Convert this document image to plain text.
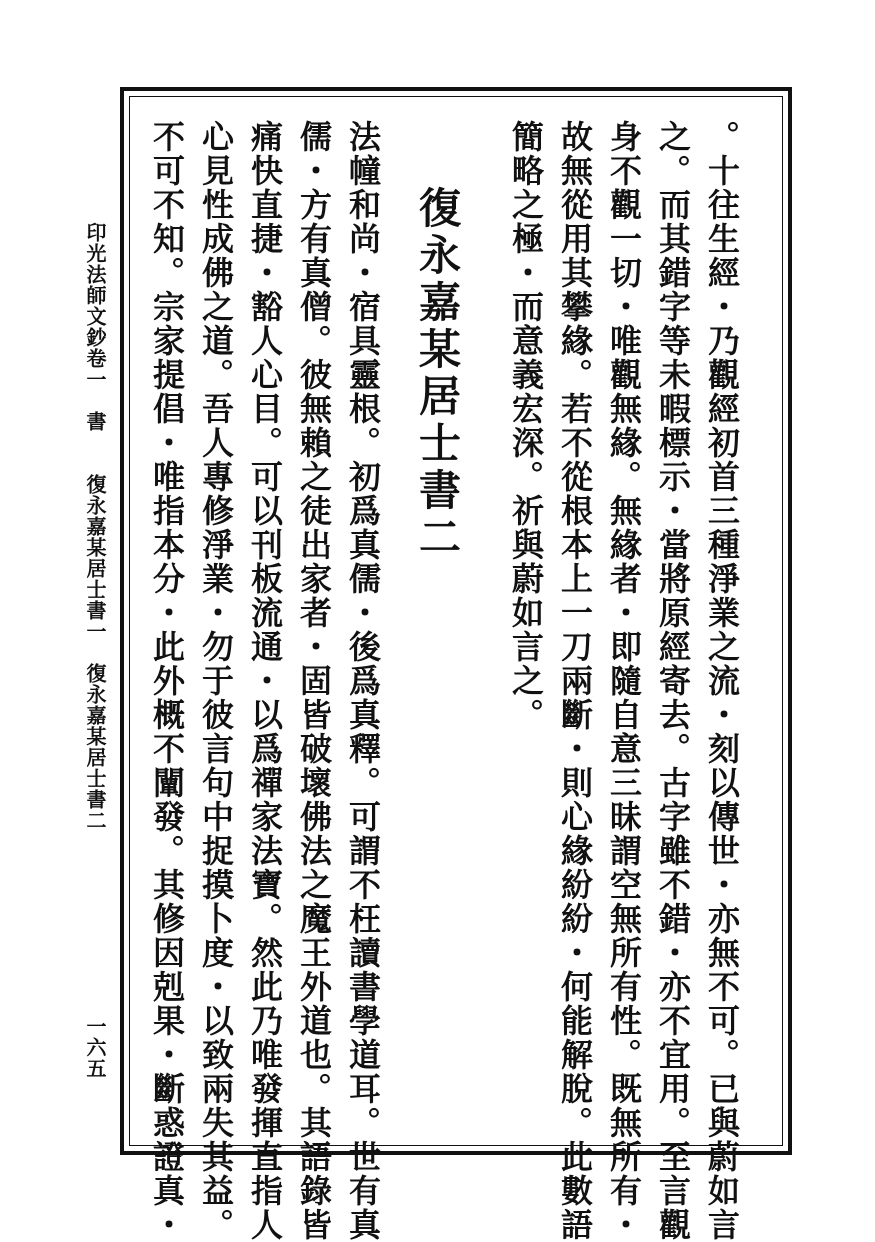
。十往生經・乃觀經初首三種淨業之流・刻以傳世・亦無不可。已與蔚如言
之。而其錯字等未暇標示・當將原經寄去。古字雖不錯・亦不宜用。至言觀
身不觀一切・唯觀無緣。無緣者・即隨自意三昧謂空無所有性。既無所有・
故無從用其攀緣。若不從根本上一刀兩斷・則心緣紛紛・何能解脫。此數語
簡略之極・而意義宏深。祈與蔚如言之。
復永嘉某居士書二
法幢和尚・宿具靈根。初爲真儒・後爲真釋。可謂不枉讀書學道耳。世有真
儒・方有真僧。彼無賴之徒出家者・固皆破壞佛法之魔王外道也。其語錄皆
痛快直捷・豁人心目。可以刊板流通・以爲禪家法寶。然此乃唯發揮直指人
心見性成佛之道。吾人專修淨業・勿于彼言句中捉摸卜度・以致兩失其益。
不可不知。宗家提倡・唯指本分・此外概不闡發。其修因剋果・斷惑證真・
印光法師文鈔卷一　書　　復永嘉某居士書一　復永嘉某居士書二
一六五
